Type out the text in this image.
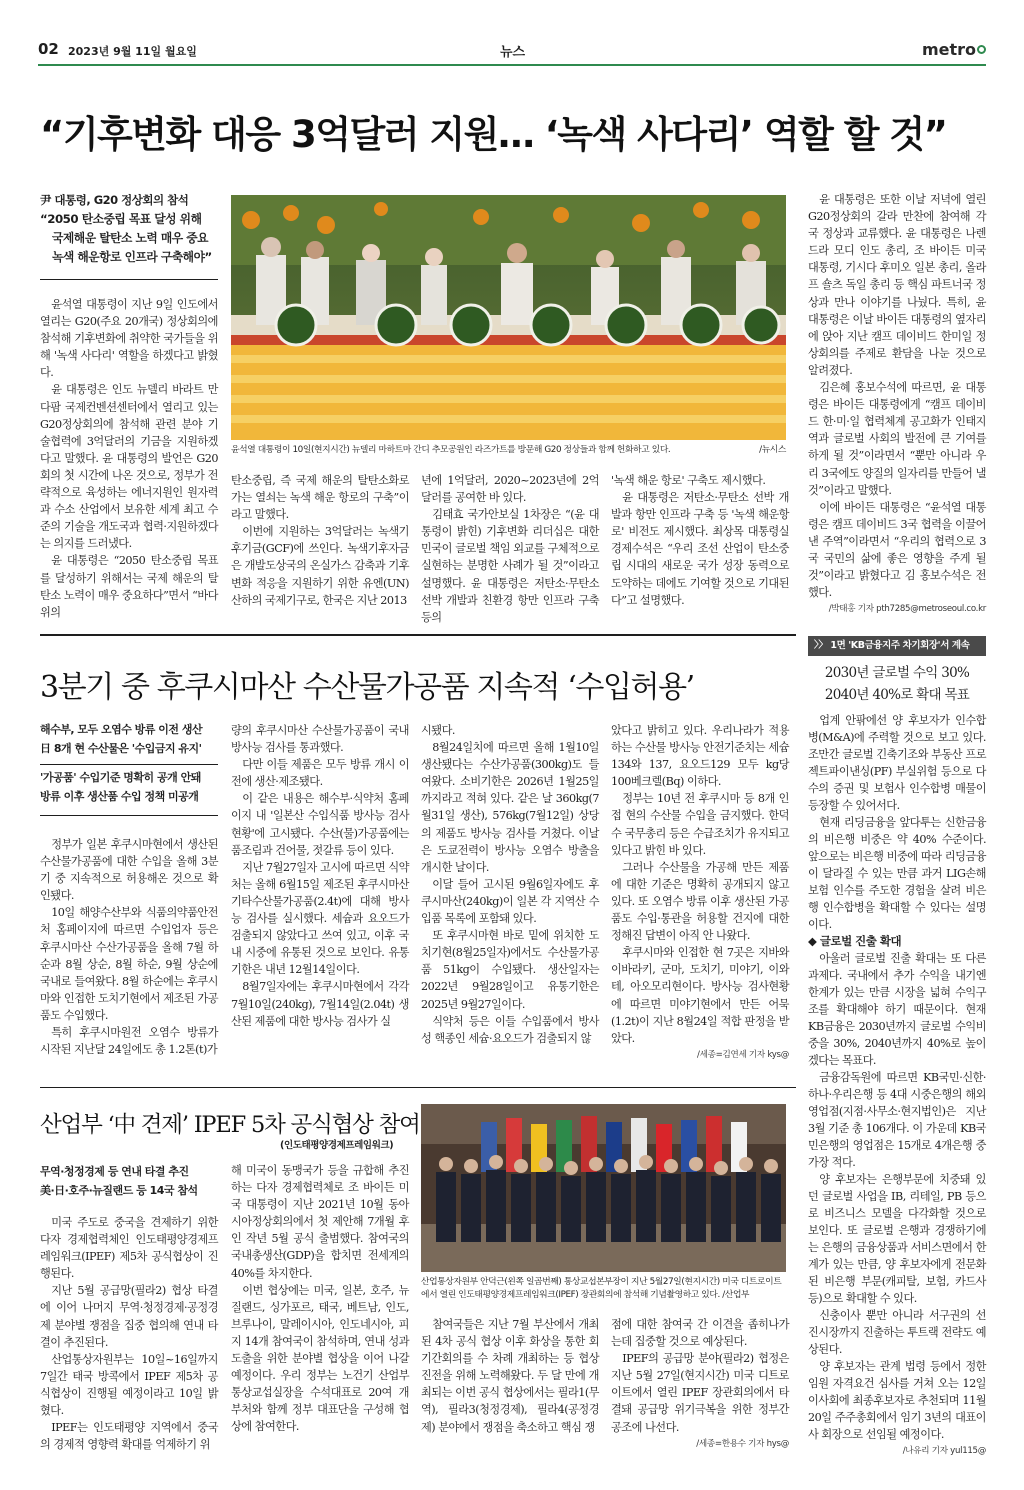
02 2023년 9월 11일 월요일	뉴스	metro
“기후변화 대응 3억달러 지원… ‘녹색 사다리’ 역할 할 것”
尹 대통령, G20 정상회의 참석
“2050 탄소중립 목표 달성 위해
국제해운 탈탄소 노력 매우 중요
녹색 해운항로 인프라 구축해야”

윤석열 대통령이 지난 9일 인도에서 열리는 G20(주요 20개국) 정상회의에 참석해 기후변화에 취약한 국가들을 위해 '녹색 사다리' 역할을 하겠다고 밝혔다.

윤 대통령은 인도 뉴델리 바라트 만다팜 국제컨벤션센터에서 열리고 있는 G20정상회의에 참석해 관련 분야 기술협력에 3억달러의 기금을 지원하겠다고 말했다. 윤 대통령의 발언은 G20 회의 첫 시간에 나온 것으로, 정부가 전략적으로 육성하는 에너지원인 원자력과 수소 산업에서 보유한 세계 최고 수준의 기술을 개도국과 협력·지원하겠다는 의지를 드러냈다.

윤 대통령은 “2050 탄소중립 목표를 달성하기 위해서는 국제 해운의 탈탄소 노력이 매우 중요하다”면서 “바다 위의

윤석열 대통령이 10일(현지시간) 뉴델리 마하트마 간디 추모공원인 라즈가트를 방문해 G20 정상들과 함께 헌화하고 있다.	/뉴시스

탄소중립, 즉 국제 해운의 탈탄소화로 가는 열쇠는 녹색 해운 항로의 구축”이라고 말했다.

이번에 지원하는 3억달러는 녹색기후기금(GCF)에 쓰인다. 녹색기후자금은 개발도상국의 온실가스 감축과 기후변화 적응을 지원하기 위한 유엔(UN) 산하의 국제기구로, 한국은 지난 2013

년에 1억달러, 2020~2023년에 2억달러를 공여한 바 있다.

김태효 국가안보실 1차장은 “(윤 대통령이 밝힌) 기후변화 리더십은 대한민국이 글로벌 책임 외교를 구체적으로 실현하는 분명한 사례가 될 것”이라고 설명했다. 윤 대통령은 저탄소·무탄소 선박 개발과 친환경 항만 인프라 구축 등의

'녹색 해운 항로' 구축도 제시했다.

윤 대통령은 저탄소·무탄소 선박 개발과 항만 인프라 구축 등 '녹색 해운항로' 비전도 제시했다. 최상목 대통령실 경제수석은 “우리 조선 산업이 탄소중립 시대의 새로운 국가 성장 동력으로 도약하는 데에도 기여할 것으로 기대된다”고 설명했다.

윤 대통령은 또한 이날 저녁에 열린 G20정상회의 갈라 만찬에 참여해 각국 정상과 교류했다. 윤 대통령은 나렌드라 모디 인도 총리, 조 바이든 미국 대통령, 기시다 후미오 일본 총리, 올라프 숄츠 독일 총리 등 핵심 파트너국 정상과 만나 이야기를 나눴다. 특히, 윤 대통령은 이날 바이든 대통령의 옆자리에 앉아 지난 캠프 데이비드 한미일 정상회의를 주제로 환담을 나눈 것으로 알려졌다.

김은혜 홍보수석에 따르면, 윤 대통령은 바이든 대통령에게 “캠프 데이비드 한·미·일 협력체계 공고화가 인태지역과 글로벌 사회의 발전에 큰 기여를 하게 될 것”이라면서 “뿐만 아니라 우리 3국에도 양질의 일자리를 만들어 낼 것”이라고 말했다.

이에 바이든 대통령은 “윤석열 대통령은 캠프 데이비드 3국 협력을 이끌어낸 주역”이라면서 “우리의 협력으로 3국 국민의 삶에 좋은 영향을 주게 될 것”이라고 밝혔다고 김 홍보수석은 전했다.

/박태홍 기자 pth7285@metroseoul.co.kr
3분기 중 후쿠시마산 수산물가공품 지속적 ‘수입허용’
해수부, 모두 오염수 방류 이전 생산
日 8개 현 수산물은 '수입금지 유지'
'가공품' 수입기준 명확히 공개 안돼
방류 이후 생산품 수입 정책 미공개

정부가 일본 후쿠시마현에서 생산된 수산물가공품에 대한 수입을 올해 3분기 중 지속적으로 허용해온 것으로 확인됐다.

10일 해양수산부와 식품의약품안전처 홈페이지에 따르면 수입업자 등은 후쿠시마산 수산가공품을 올해 7월 하순과 8월 상순, 8월 하순, 9월 상순에 국내로 들여왔다. 8월 하순에는 후쿠시마와 인접한 도치기현에서 제조된 가공품도 수입했다.

특히 후쿠시마원전 오염수 방류가 시작된 지난달 24일에도 총 1.2톤(t)가

량의 후쿠시마산 수산물가공품이 국내 방사능 검사를 통과했다.

다만 이들 제품은 모두 방류 개시 이전에 생산·제조됐다.

이 같은 내용은 해수부·식약처 홈페이지 내 '일본산 수입식품 방사능 검사현황'에 고시됐다. 수산(물)가공품에는 품조림과 건어물, 젓갈류 등이 있다.

지난 7월27일자 고시에 따르면 식약처는 올해 6월15일 제조된 후쿠시마산 기타수산물가공품(2.4t)에 대해 방사능 검사를 실시했다. 세슘과 요오드가 검출되지 않았다고 쓰여 있고, 이후 국내 시중에 유통된 것으로 보인다. 유통기한은 내년 12월14일이다.

8월7일자에는 후쿠시마현에서 각각 7월10일(240kg), 7월14일(2.04t) 생산된 제품에 대한 방사능 검사가 실

시됐다.

8월24일치에 따르면 올해 1월10일 생산됐다는 수산가공품(300kg)도 들여왔다. 소비기한은 2026년 1월25일까지라고 적혀 있다. 같은 날 360kg(7월31일 생산), 576kg(7월12일) 상당의 제품도 방사능 검사를 거쳤다. 이날은 도쿄전력이 방사능 오염수 방출을 개시한 날이다.

이달 들어 고시된 9월6일자에도 후쿠시마산(240kg)이 일본 각 지역산 수입품 목록에 포함돼 있다.

또 후쿠시마현 바로 밑에 위치한 도치기현(8월25일자)에서도 수산물가공품 51kg이 수입됐다. 생산일자는 2022년 9월28일이고 유통기한은 2025년 9월27일이다.

식약처 등은 이들 수입품에서 방사성 핵종인 세슘·요오드가 검출되지 않

았다고 밝히고 있다. 우리나라가 적용하는 수산물 방사능 안전기준치는 세슘134와 137, 요오드129 모두 kg당 100베크렐(Bq) 이하다.

정부는 10년 전 후쿠시마 등 8개 인접 현의 수산물 수입을 금지했다. 한덕수 국무총리 등은 수급조치가 유지되고 있다고 밝힌 바 있다.

그러나 수산물을 가공해 만든 제품에 대한 기준은 명확히 공개되지 않고 있다. 또 오염수 방류 이후 생산된 가공품도 수입·통관을 허용할 건지에 대한 정해진 답변이 아직 안 나왔다.

후쿠시마와 인접한 현 7곳은 지바와 이바라키, 군마, 도치기, 미야기, 이와테, 아오모리현이다. 방사능 검사현황에 따르면 미야기현에서 만든 어묵(1.2t)이 지난 8월24일 적합 판정을 받았다.

/세종=김연세 기자 kys@
산업부 ‘中 견제’ IPEF 5차 공식협상 참여
(인도태평양경제프레임워크)
무역·청정경제 등 연내 타결 추진
美·日·호주·뉴질랜드 등 14국 참석

미국 주도로 중국을 견제하기 위한 다자 경제협력체인 인도태평양경제프레임워크(IPEF) 제5차 공식협상이 진행된다.

지난 5월 공급망(필라2) 협상 타결에 이어 나머지 무역·청정경제·공정경제 분야별 쟁점을 집중 협의해 연내 타결이 추진된다.

산업통상자원부는 10일~16일까지 7일간 태국 방콕에서 IPEF 제5차 공식협상이 진행될 예정이라고 10일 밝혔다.

IPEF는 인도태평양 지역에서 중국의 경제적 영향력 확대를 억제하기 위

해 미국이 동맹국가 등을 규합해 추진하는 다자 경제협력체로 조 바이든 미국 대통령이 지난 2021년 10월 동아시아정상회의에서 첫 제안해 7개월 후인 작년 5월 공식 출범했다. 참여국의 국내총생산(GDP)을 합치면 전세계의 40%를 차지한다.

이번 협상에는 미국, 일본, 호주, 뉴질랜드, 싱가포르, 태국, 베트남, 인도, 브루나이, 말레이시아, 인도네시아, 피지 14개 참여국이 참석하며, 연내 성과 도출을 위한 분야별 협상을 이어 나갈 예정이다. 우리 정부는 노건기 산업부 통상교섭실장을 수석대표로 20여 개 부처와 함께 정부 대표단을 구성해 협상에 참여한다.

산업통상자원부 안덕근(왼쪽 일곱번째) 통상교섭본부장이 지난 5월27일(현지시간) 미국 디트로이트에서 열린 인도태평양경제프레임워크(IPEF) 장관회의에 참석해 기념촬영하고 있다. /산업부

참여국들은 지난 7월 부산에서 개최된 4차 공식 협상 이후 화상을 통한 회기간회의를 수 차례 개최하는 등 협상 진전을 위해 노력해왔다. 두 달 만에 개최되는 이번 공식 협상에서는 필라1(무역), 필라3(청정경제), 필라4(공정경제) 분야에서 쟁점을 축소하고 핵심 쟁

점에 대한 참여국 간 이견을 좁히나가는데 집중할 것으로 예상된다.

IPEF의 공급망 분야(필라2) 협정은 지난 5월 27일(현지시간) 미국 디트로이트에서 열린 IPEF 장관회의에서 타결돼 공급망 위기극복을 위한 정부간 공조에 나선다.

/세종=한용수 기자 hys@
〉〉 1면 'KB금융지주 차기회장'서 계속
2030년 글로벌 수익 30%
2040년 40%로 확대 목표

업계 안팎에선 양 후보자가 인수합병(M&A)에 주력할 것으로 보고 있다. 조만간 글로벌 긴축기조와 부동산 프로젝트파이낸싱(PF) 부실위험 등으로 다수의 증권 및 보험사 인수합병 매물이 등장할 수 있어서다.

현재 리딩금융을 앞다투는 신한금융의 비은행 비중은 약 40% 수준이다. 앞으로는 비은행 비중에 따라 리딩금융이 달라질 수 있는 만큼 과거 LIG손해보험 인수를 주도한 경험을 살려 비은행 인수합병을 확대할 수 있다는 설명이다.

◆ 글로벌 진출 확대

아울러 글로벌 진출 확대는 또 다른 과제다. 국내에서 추가 수익을 내기엔 한계가 있는 만큼 시장을 넓혀 수익구조를 확대해야 하기 때문이다. 현재 KB금융은 2030년까지 글로벌 수익비중을 30%, 2040년까지 40%로 높이겠다는 목표다.

금융감독원에 따르면 KB국민·신한·하나·우리은행 등 4대 시중은행의 해외 영업점(지점·사무소·현지법인)은 지난 3월 기준 총 106개다. 이 가운데 KB국민은행의 영업점은 15개로 4개은행 중 가장 적다.

양 후보자는 은행부문에 치중돼 있던 글로벌 사업을 IB, 리테일, PB 등으로 비즈니스 모델을 다각화할 것으로 보인다. 또 글로벌 은행과 경쟁하기에는 은행의 금융상품과 서비스면에서 한계가 있는 만큼, 양 후보자에게 전문화된 비은행 부문(캐피탈, 보험, 카드사 등)으로 확대할 수 있다.

신충이사 뿐만 아니라 서구권의 선진시장까지 진출하는 투트랙 전략도 예상된다.

양 후보자는 관계 법령 등에서 정한 임원 자격요건 심사를 거쳐 오는 12일 이사회에 최종후보자로 추천되며 11월 20일 주주총회에서 임기 3년의 대표이사 회장으로 선임될 예정이다.

/나유리 기자 yul115@
